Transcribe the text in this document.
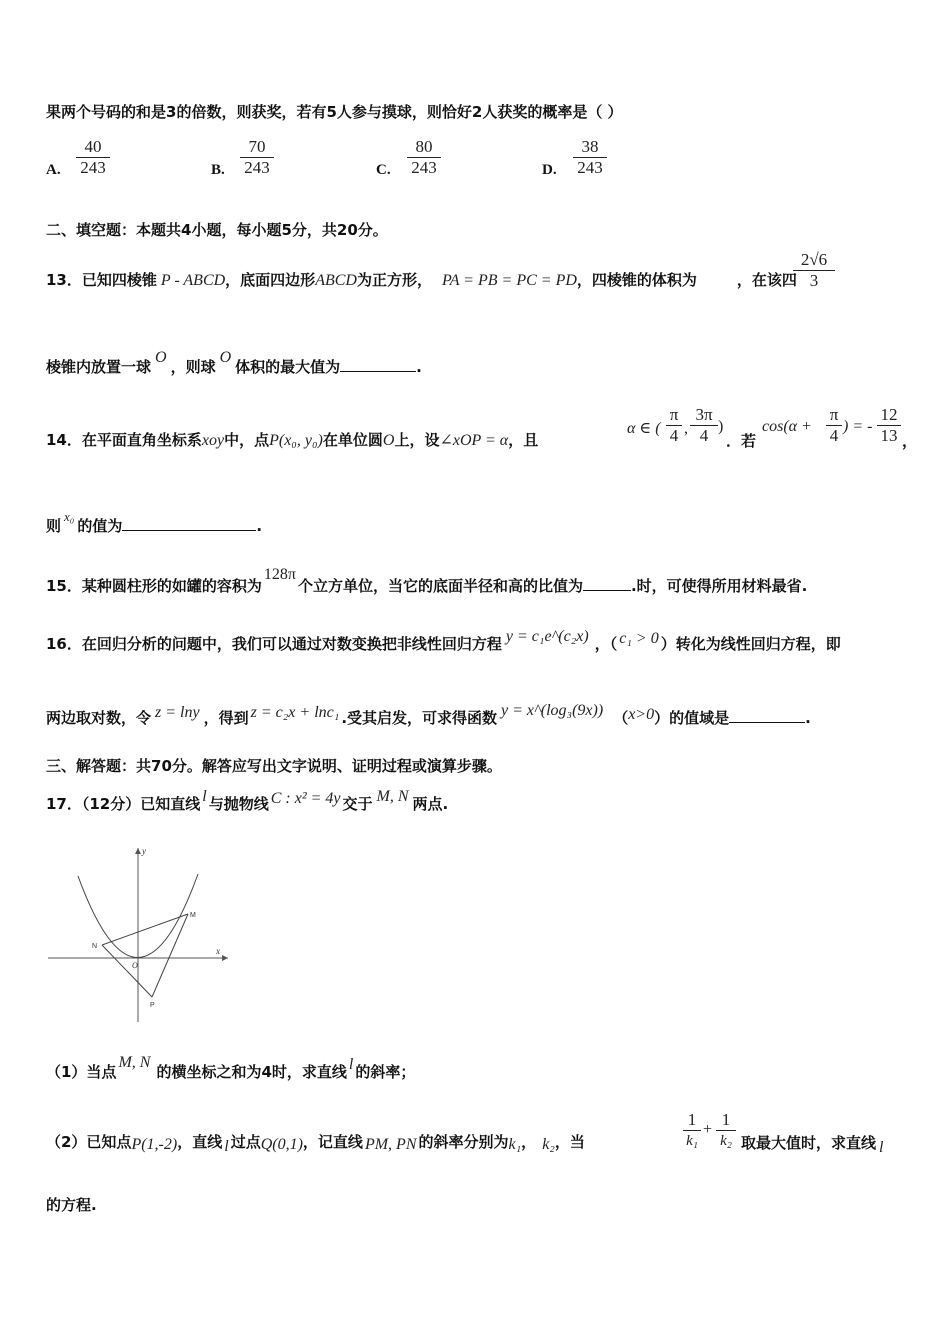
果两个号码的和是3的倍数，则获奖，若有5人参与摸球，则恰好2人获奖的概率是（ ）
A. $\frac{40}{243}$	B. $\frac{70}{243}$	C. $\frac{80}{243}$	D. $\frac{38}{243}$
二、填空题：本题共4小题，每小题5分，共20分。
13．已知四棱锥 P - ABCD，底面四边形ABCD为正方形， PA = PB = PC = PD，四棱锥的体积为	，在该四
$\frac{2√6}{3}$
棱锥内放置一球O，则球O体积的最大值为	.
14．在平面直角坐标系xoy中，点P(x₀, y₀)在单位圆O上，设∠xOP = α，且
α ∈ ( $\frac{\pi}{4}$ , $\frac{3\pi}{4}$ )
．若
$\cos(\alpha + \frac{\pi}{4}$ ) = - $\frac{12}{13}$ ，
则x₀的值为	.
15．某种圆柱形的如罐的容积为128π个立方单位，当它的底面半径和高的比值为	.时，可使得所用材料最省.
16．在回归分析的问题中，我们可以通过对数变换把非线性回归方程 y = c₁e^(c₂x) ，（ c₁ > 0 ）转化为线性回归方程，即
两边取对数，令 z = lny ，得到 z = c₂x + lnc₁ .受其启发，可求得函数 y = x^(log₃(9x)) （x>0）的值域是	.
三、解答题：共70分。解答应写出文字说明、证明过程或演算步骤。
17．（12分）已知直线 l 与抛物线 C : x² = 4y 交于 M, N 两点.
y
x
O
M
N
P
（1）当点M, N的横坐标之和为4时，求直线 l 的斜率；
（2）已知点P(1,-2)，直线 l 过点Q(0,1)，记直线 PM, PN 的斜率分别为k₁， k₂，当	$\frac{1}{\text{k₁}} + \frac{1}{\text{k₂}}$ 取最大值时，求直线 l
的方程.
